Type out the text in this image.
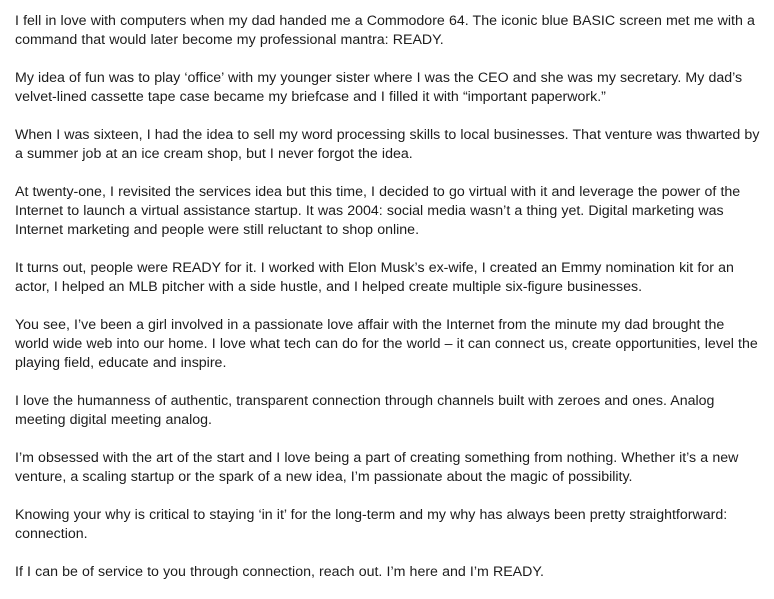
I fell in love with computers when my dad handed me a Commodore 64. The iconic blue BASIC screen met me with a command that would later become my professional mantra: READY.

My idea of fun was to play ‘office’ with my younger sister where I was the CEO and she was my secretary. My dad’s velvet-lined cassette tape case became my briefcase and I filled it with “important paperwork.”

When I was sixteen, I had the idea to sell my word processing skills to local businesses. That venture was thwarted by a summer job at an ice cream shop, but I never forgot the idea.

At twenty-one, I revisited the services idea but this time, I decided to go virtual with it and leverage the power of the Internet to launch a virtual assistance startup. It was 2004: social media wasn’t a thing yet. Digital marketing was Internet marketing and people were still reluctant to shop online.

It turns out, people were READY for it. I worked with Elon Musk’s ex-wife, I created an Emmy nomination kit for an actor, I helped an MLB pitcher with a side hustle, and I helped create multiple six-figure businesses.

You see, I’ve been a girl involved in a passionate love affair with the Internet from the minute my dad brought the world wide web into our home. I love what tech can do for the world – it can connect us, create opportunities, level the playing field, educate and inspire.

I love the humanness of authentic, transparent connection through channels built with zeroes and ones. Analog meeting digital meeting analog.

I’m obsessed with the art of the start and I love being a part of creating something from nothing. Whether it’s a new venture, a scaling startup or the spark of a new idea, I’m passionate about the magic of possibility.

Knowing your why is critical to staying ‘in it’ for the long-term and my why has always been pretty straightforward: connection.

If I can be of service to you through connection, reach out. I’m here and I’m READY.
